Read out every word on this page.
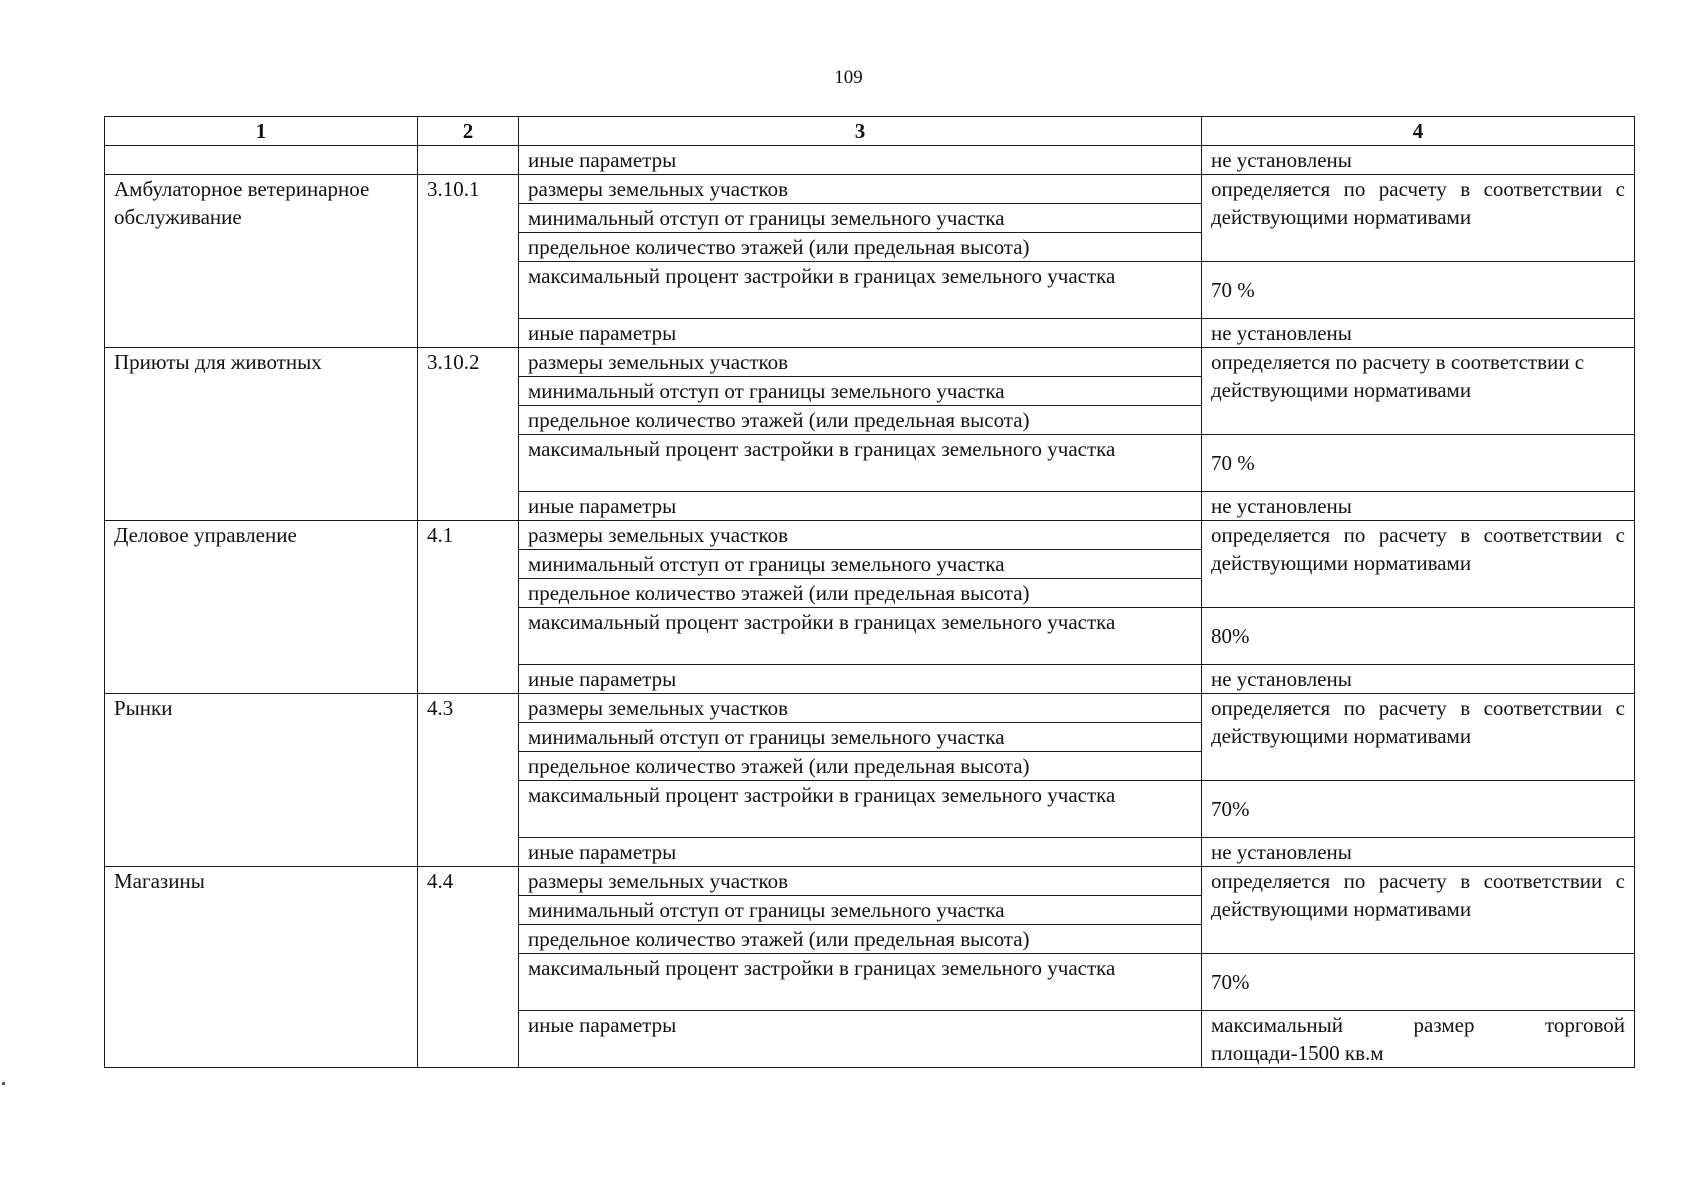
109
1	2	3	4
		иные параметры	не установлены
Амбулаторное ветеринарное обслуживание	3.10.1	размеры земельных участков	определяется по расчету в соответствии с действующими нормативами
		минимальный отступ от границы земельного участка	
		предельное количество этажей (или предельная высота)	
		максимальный процент застройки в границах земельного участка	70 %
		иные параметры	не установлены
Приюты для животных	3.10.2	размеры земельных участков	определяется по расчету в соответствии с действующими нормативами
		минимальный отступ от границы земельного участка	
		предельное количество этажей (или предельная высота)	
		максимальный процент застройки в границах земельного участка	70 %
		иные параметры	не установлены
Деловое управление	4.1	размеры земельных участков	определяется по расчету в соответствии с действующими нормативами
		минимальный отступ от границы земельного участка	
		предельное количество этажей (или предельная высота)	
		максимальный процент застройки в границах земельного участка	80%
		иные параметры	не установлены
Рынки	4.3	размеры земельных участков	определяется по расчету в соответствии с действующими нормативами
		минимальный отступ от границы земельного участка	
		предельное количество этажей (или предельная высота)	
		максимальный процент застройки в границах земельного участка	70%
		иные параметры	не установлены
Магазины	4.4	размеры земельных участков	определяется по расчету в соответствии с действующими нормативами
		минимальный отступ от границы земельного участка	
		предельное количество этажей (или предельная высота)	
		максимальный процент застройки в границах земельного участка	70%
		иные параметры	максимальный размер торговой площади-1500 кв.м
